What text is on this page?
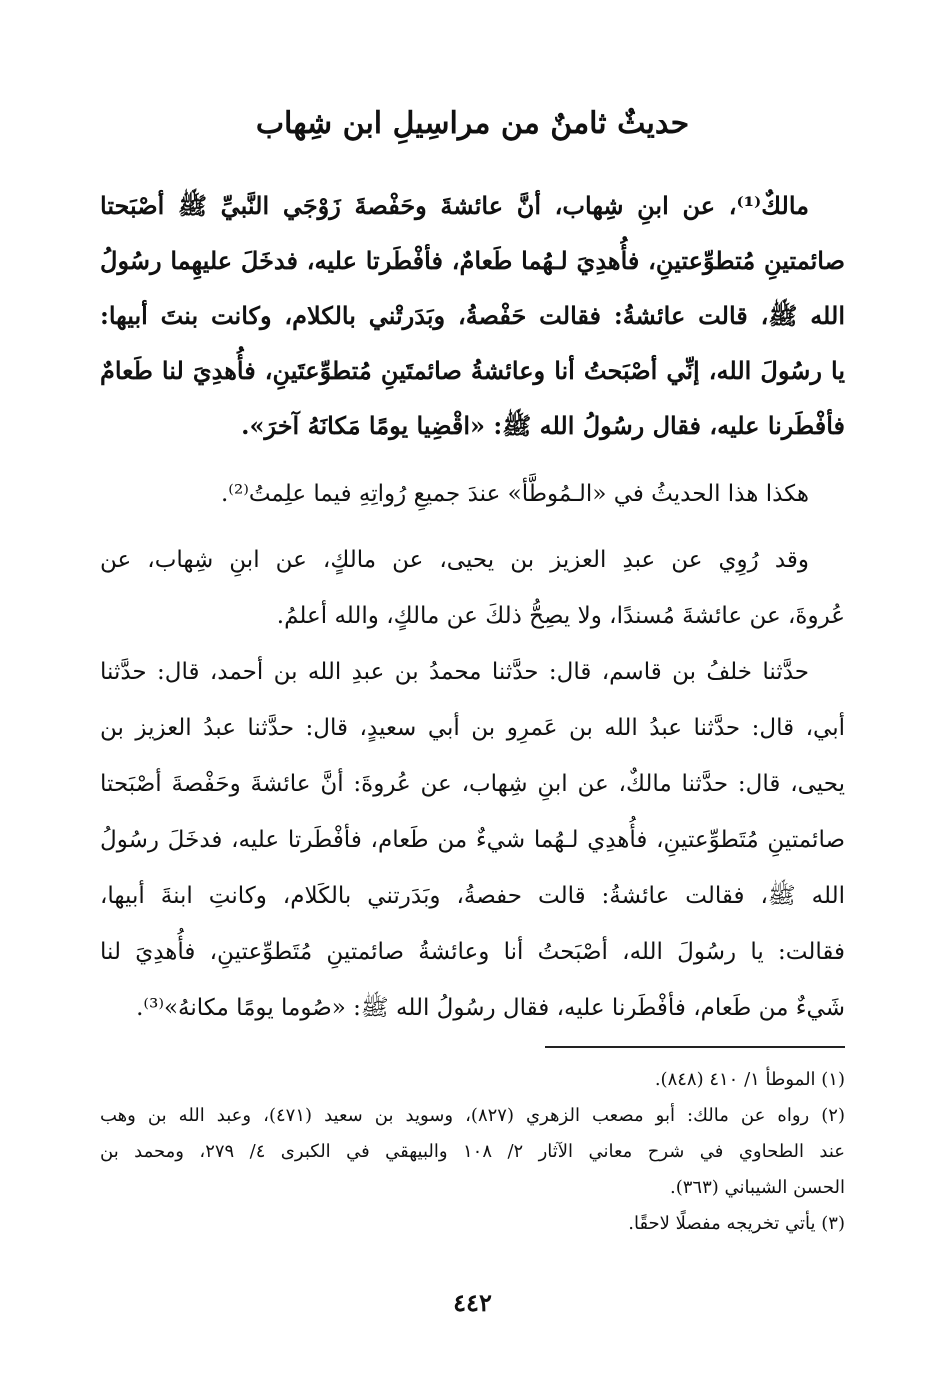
حديثٌ ثامنٌ من مراسِيلِ ابن شِهاب
مالكٌ⁽¹⁾، عن ابنِ شِهاب، أنَّ عائشةَ وحَفْصةَ زَوْجَي النَّبيِّ ﷺ أصْبَحتا
صائمتينِ مُتطوِّعتينِ، فأُهدِيَ لـهُما طَعامٌ، فأفْطَرتا عليه، فدخَلَ عليهِما رسُولُ
الله ﷺ، قالت عائشةُ: فقالت حَفْصةُ، وبَدَرتْني بالكلام، وكانت بنتَ أبيها:
يا رسُولَ الله، إنِّي أصْبَحتُ أنا وعائشةُ صائمتَينِ مُتطوِّعتَينِ، فأُهدِيَ لنا طَعامٌ
فأفْطَرنا عليه، فقال رسُولُ الله ﷺ: «اقْضِيا يومًا مَكانَهُ آخرَ».
هكذا هذا الحديثُ في «الـمُوطَّأ» عندَ جميعِ رُواتِهِ فيما علِمتُ⁽²⁾.
وقد رُوِي عن عبدِ العزيز بن يحيى، عن مالكٍ، عن ابنِ شِهاب، عن
عُروةَ، عن عائشةَ مُسندًا، ولا يصِحُّ ذلكَ عن مالكٍ، والله أعلمُ.
حدَّثنا خلفُ بن قاسم، قال: حدَّثنا محمدُ بن عبدِ الله بن أحمد، قال: حدَّثنا
أبي، قال: حدَّثنا عبدُ الله بن عَمرِو بن أبي سعيدٍ، قال: حدَّثنا عبدُ العزيز بن
يحيى، قال: حدَّثنا مالكٌ، عن ابنِ شِهاب، عن عُروةَ: أنَّ عائشةَ وحَفْصةَ أصْبَحتا
صائمتينِ مُتَطوِّعتينِ، فأُهدِي لـهُما شيءٌ من طَعام، فأفْطَرتا عليه، فدخَلَ رسُولُ
الله ﷺ، فقالت عائشةُ: قالت حفصةُ، وبَدَرتني بالكَلام، وكانتِ ابنةَ أبيها،
فقالت: يا رسُولَ الله، أصْبَحتُ أنا وعائشةُ صائمتينِ مُتَطوِّعتينِ، فأُهدِيَ لنا
شَيءٌ من طَعام، فأفْطَرنا عليه، فقال رسُولُ الله ﷺ: «صُوما يومًا مكانهُ»⁽³⁾.
(١) الموطأ ١/ ٤١٠ (٨٤٨).
(٢) رواه عن مالك: أبو مصعب الزهري (٨٢٧)، وسويد بن سعيد (٤٧١)، وعبد الله بن وهب
عند الطحاوي في شرح معاني الآثار ٢/ ١٠٨ والبيهقي في الكبرى ٤/ ٢٧٩، ومحمد بن
الحسن الشيباني (٣٦٣).
(٣) يأتي تخريجه مفصلًا لاحقًا.
٤٤٢
